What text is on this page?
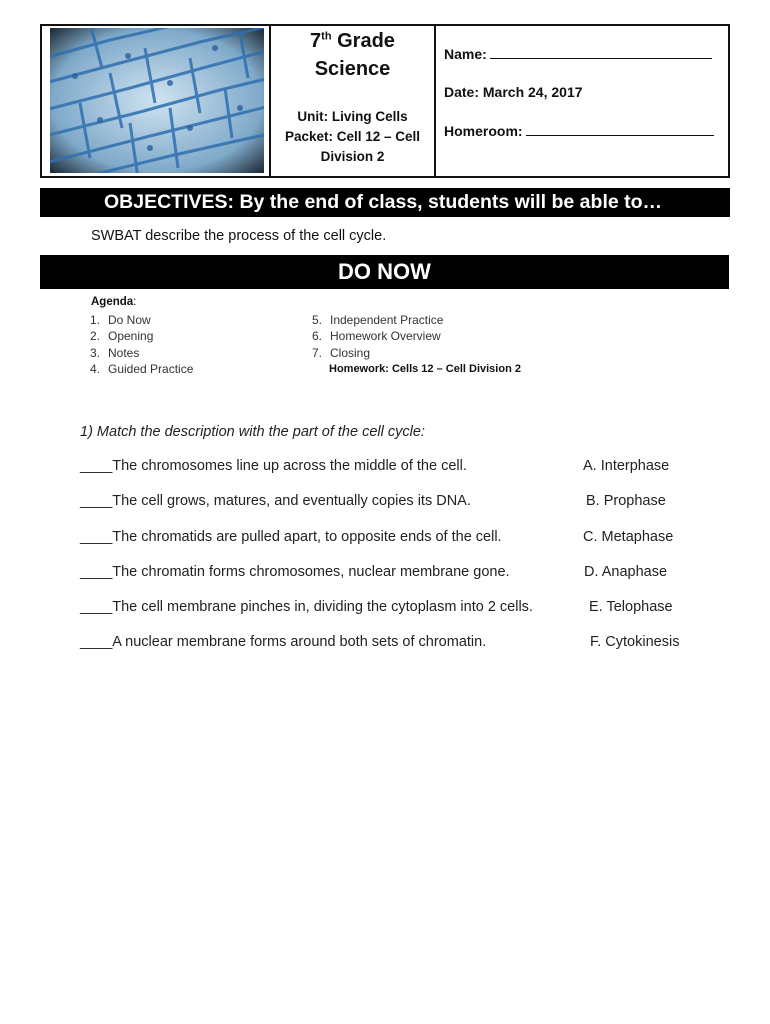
7th Grade
Science
Unit: Living Cells
Packet: Cell 12 – Cell
Division 2
Name:
Date: March 24, 2017
Homeroom:
OBJECTIVES: By the end of class, students will be able to…
SWBAT describe the process of the cell cycle.
DO NOW
Agenda:
1. Do Now
2. Opening
3. Notes
4. Guided Practice
5. Independent Practice
6. Homework Overview
7. Closing
Homework: Cells 12 – Cell Division 2
1) Match the description with the part of the cell cycle:
____The chromosomes line up across the middle of the cell.	A. Interphase
____The cell grows, matures, and eventually copies its DNA.	B. Prophase
____The chromatids are pulled apart, to opposite ends of the cell.	C. Metaphase
____The chromatin forms chromosomes, nuclear membrane gone.	D. Anaphase
____The cell membrane pinches in, dividing the cytoplasm into 2 cells.	E. Telophase
____A nuclear membrane forms around both sets of chromatin.	F. Cytokinesis
